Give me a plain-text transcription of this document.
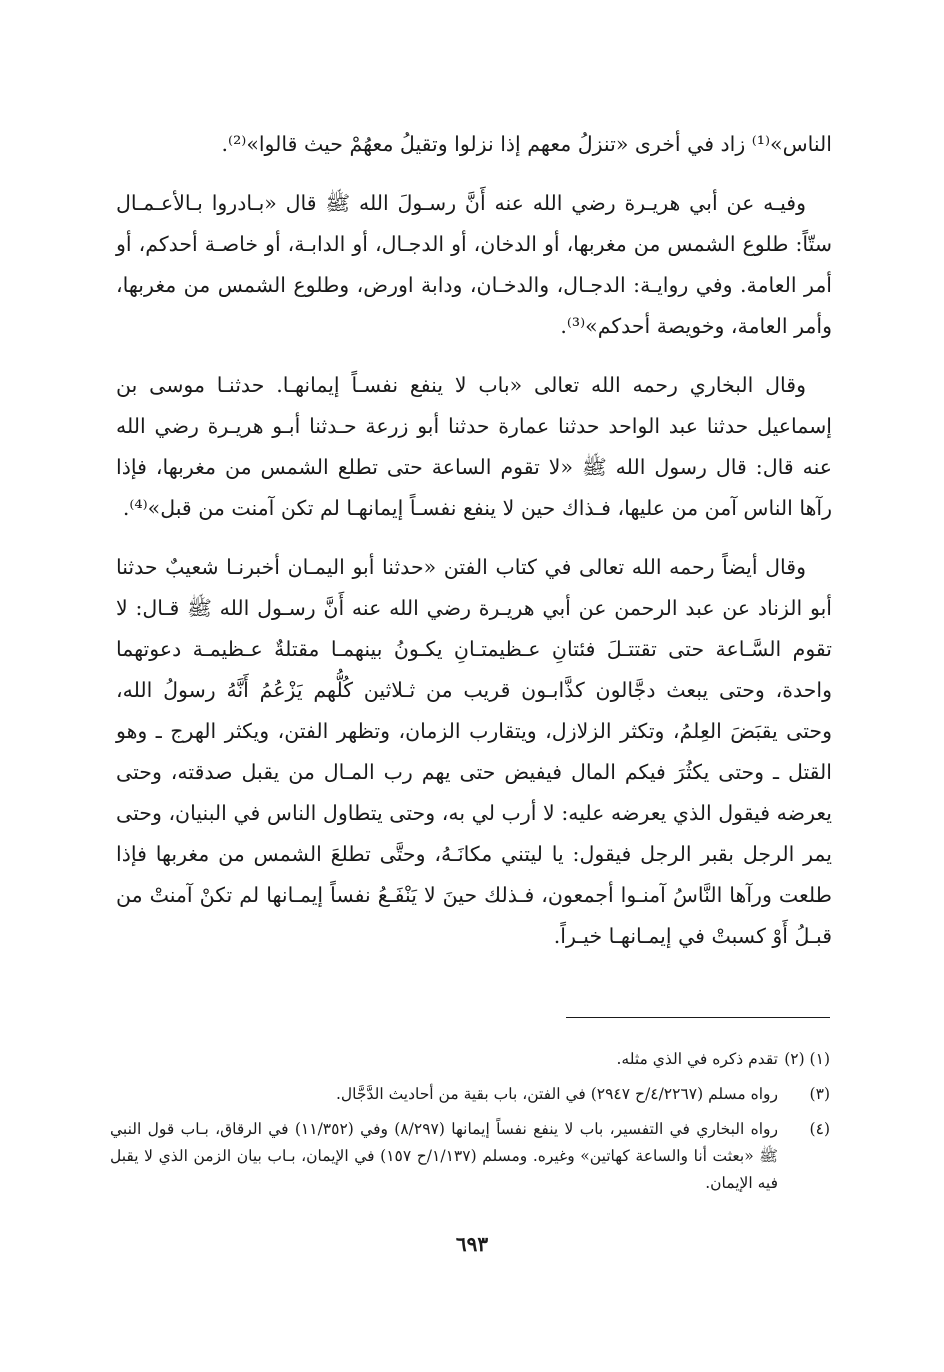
الناس»⁽¹⁾ زاد في أخرى «تنزلُ معهم إذا نزلوا وتقيلُ معهُمْ حيث قالوا»⁽²⁾.

وفيـه عن أبي هريـرة رضي الله عنه أَنَّ رسـولَ الله ﷺ قال «بـادروا بـالأعـمـال ستّاً: طلوع الشمس من مغربها، أو الدخان، أو الدجـال، أو الدابـة، أو خاصـة أحدكم، أو أمر العامة. وفي روايـة: الدجـال، والدخـان، ودابة اورض، وطلوع الشمس من مغربها، وأمر العامة، وخويصة أحدكم»⁽³⁾.

وقال البخاري رحمه الله تعالى «باب لا ينفع نفسـاً إيمانهـا. حدثنـا موسى بن إسماعيل حدثنا عبد الواحد حدثنا عمارة حدثنا أبو زرعة حـدثنا أبـو هريـرة رضي الله عنه قال: قال رسول الله ﷺ «لا تقوم الساعة حتى تطلع الشمس من مغربها، فإذا رآها الناس آمن من عليها، فـذاك حين لا ينفع نفسـاً إيمانهـا لم تكن آمنت من قبل»⁽⁴⁾.

وقال أيضاً رحمه الله تعالى في كتاب الفتن «حدثنا أبو اليمـان أخبرنـا شعيبٌ حدثنا أبو الزناد عن عبد الرحمن عن أبي هريـرة رضي الله عنه أَنَّ رسـول الله ﷺ قـال: لا تقوم السَّـاعة حتى تقتتـلَ فئتانِ عـظيمتـانِ يكـونُ بينهمـا مقتلةٌ عـظيمـة دعوتهما واحدة، وحتى يبعث دجَّالون كذَّابـون قريب من ثـلاثين كُلُّهم يَزْعُمُ أَنَّهُ رسولُ الله، وحتى يقبَضَ العِلمُ، وتكثر الزلازل، ويتقارب الزمان، وتظهر الفتن، ويكثر الهرج ـ وهو القتل ـ وحتى يكثُرَ فيكم المال فيفيض حتى يهم رب المـال من يقبل صدقته، وحتى يعرضه فيقول الذي يعرضه عليه: لا أرب لي به، وحتى يتطاول الناس في البنيان، وحتى يمر الرجل بقبر الرجل فيقول: يا ليتني مكانَـهُ، وحتَّى تطلعَ الشمس من مغربها فإذا طلعت ورآها النَّاسُ آمنـوا أجمعون، فـذلك حينَ لا يَنْفَـعُ نفساً إيمـانها لم تكنْ آمنتْ من قبـلُ أَوْ كسبتْ في إيمـانهـا خيـراً.

(١) (٢)
تقدم ذكره في الذي مثله.
(٣)
رواه مسلم (٤/٢٢٦٧/ح ٢٩٤٧) في الفتن، باب بقية من أحاديث الدَّجَّال.
(٤)
رواه البخاري في التفسير، باب لا ينفع نفساً إيمانها (٨/٢٩٧) وفي (١١/٣٥٢) في الرقاق، بـاب قول النبي ﷺ «بعثت أنا والساعة كهاتين» وغيره. ومسلم (١/١٣٧/ح ١٥٧) في الإيمان، بـاب بيان الزمن الذي لا يقبل فيه الإيمان.
٦٩٣
